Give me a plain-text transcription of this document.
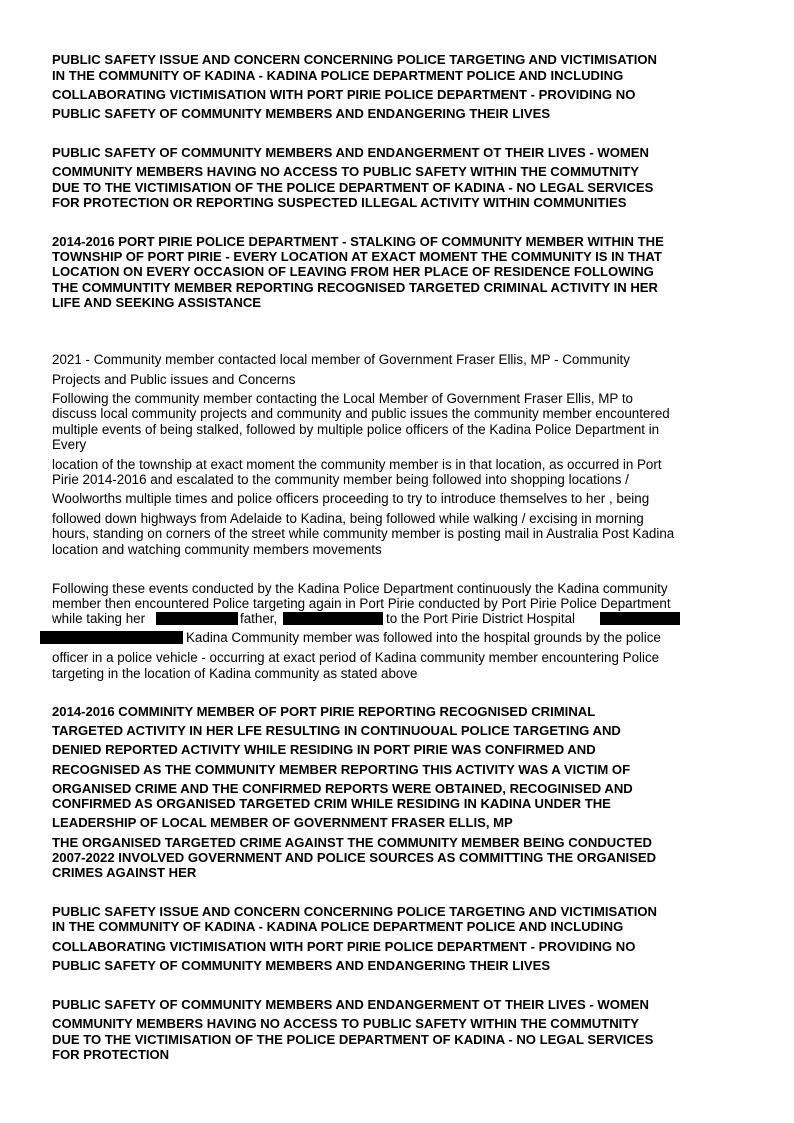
PUBLIC SAFETY ISSUE AND CONCERN CONCERNING POLICE TARGETING AND VICTIMISATION
IN THE COMMUNITY OF KADINA - KADINA POLICE DEPARTMENT POLICE AND INCLUDING
COLLABORATING VICTIMISATION WITH PORT PIRIE POLICE DEPARTMENT - PROVIDING NO
PUBLIC SAFETY OF COMMUNITY MEMBERS AND ENDANGERING THEIR LIVES
PUBLIC SAFETY OF COMMUNITY MEMBERS AND ENDANGERMENT OT THEIR LIVES - WOMEN
COMMUNITY MEMBERS HAVING NO ACCESS TO PUBLIC SAFETY WITHIN THE COMMUTNITY
DUE TO THE VICTIMISATION OF THE POLICE DEPARTMENT OF KADINA - NO LEGAL SERVICES
FOR PROTECTION OR REPORTING SUSPECTED ILLEGAL ACTIVITY WITHIN COMMUNITIES
2014-2016 PORT PIRIE POLICE DEPARTMENT - STALKING OF COMMUNITY MEMBER WITHIN THE
TOWNSHIP OF PORT PIRIE - EVERY LOCATION AT EXACT MOMENT THE COMMUNITY IS IN THAT
LOCATION ON EVERY OCCASION OF LEAVING FROM HER PLACE OF RESIDENCE FOLLOWING
THE COMMUNTITY MEMBER REPORTING RECOGNISED TARGETED CRIMINAL ACTIVITY IN HER
LIFE AND SEEKING ASSISTANCE
2021 - Community member contacted local member of Government Fraser Ellis, MP - Community
Projects and Public issues and Concerns
Following the community member contacting the Local Member of Government Fraser Ellis, MP to
discuss local community projects and community and public issues the community member encountered
multiple events of being stalked, followed by multiple police officers of the Kadina Police Department in
Every
location of the township at exact moment the community member is in that location, as occurred in Port
Pirie 2014-2016 and escalated to the community member being followed into shopping locations /
Woolworths multiple times and police officers proceeding to try to introduce themselves to her , being
followed down highways from Adelaide to Kadina, being followed while walking / excising in morning
hours, standing on corners of the street while community member is posting mail in Australia Post Kadina
location and watching community members movements
Following these events conducted by the Kadina Police Department continuously the Kadina community
member then encountered Police targeting again in Port Pirie conducted by Port Pirie Police Department
while taking her	father,	to the Port Pirie District Hospital
Kadina Community member was followed into the hospital grounds by the police
officer in a police vehicle - occurring at exact period of Kadina community member encountering Police
targeting in the location of Kadina community as stated above
2014-2016 COMMINITY MEMBER OF PORT PIRIE REPORTING RECOGNISED CRIMINAL
TARGETED ACTIVITY IN HER LFE RESULTING IN CONTINUOUAL POLICE TARGETING AND
DENIED REPORTED ACTIVITY WHILE RESIDING IN PORT PIRIE WAS CONFIRMED AND
RECOGNISED AS THE COMMUNITY MEMBER REPORTING THIS ACTIVITY WAS A VICTIM OF
ORGANISED CRIME AND THE CONFIRMED REPORTS WERE OBTAINED, RECOGINISED AND
CONFIRMED AS ORGANISED TARGETED CRIM WHILE RESIDING IN KADINA UNDER THE
LEADERSHIP OF LOCAL MEMBER OF GOVERNMENT FRASER ELLIS, MP
THE ORGANISED TARGETED CRIME AGAINST THE COMMUNITY MEMBER BEING CONDUCTED
2007-2022 INVOLVED GOVERNMENT AND POLICE SOURCES AS COMMITTING THE ORGANISED
CRIMES AGAINST HER
PUBLIC SAFETY ISSUE AND CONCERN CONCERNING POLICE TARGETING AND VICTIMISATION
IN THE COMMUNITY OF KADINA - KADINA POLICE DEPARTMENT POLICE AND INCLUDING
COLLABORATING VICTIMISATION WITH PORT PIRIE POLICE DEPARTMENT - PROVIDING NO
PUBLIC SAFETY OF COMMUNITY MEMBERS AND ENDANGERING THEIR LIVES
PUBLIC SAFETY OF COMMUNITY MEMBERS AND ENDANGERMENT OT THEIR LIVES - WOMEN
COMMUNITY MEMBERS HAVING NO ACCESS TO PUBLIC SAFETY WITHIN THE COMMUTNITY
DUE TO THE VICTIMISATION OF THE POLICE DEPARTMENT OF KADINA - NO LEGAL SERVICES
FOR PROTECTION
